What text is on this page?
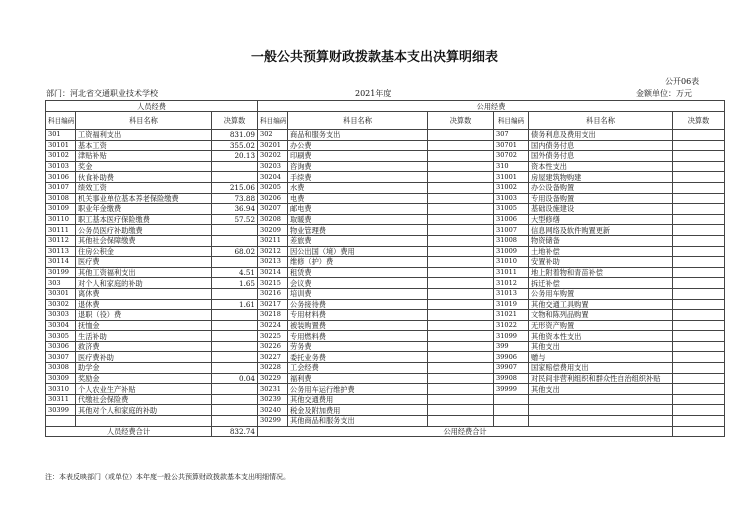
一般公共预算财政拨款基本支出决算明细表
公开06表
部门：河北省交通职业技术学校	2021年度	金额单位：万元
人员经费			公用经费					
科目编码	科目名称	决算数	科目编码	科目名称	决算数	科目编码	科目名称	决算数
301	工资福利支出	831.09	302	商品和服务支出		307	债务利息及费用支出	
30101	基本工资	355.02	30201	办公费		30701	国内债务付息	
30102	津贴补贴	20.13	30202	印刷费		30702	国外债务付息	
30103	奖金		30203	咨询费		310	资本性支出	
30106	伙食补助费		30204	手续费		31001	房屋建筑物购建	
30107	绩效工资	215.06	30205	水费		31002	办公设备购置	
30108	机关事业单位基本养老保险缴费	73.88	30206	电费		31003	专用设备购置	
30109	职业年金缴费	36.94	30207	邮电费		31005	基础设施建设	
30110	职工基本医疗保险缴费	57.52	30208	取暖费		31006	大型修缮	
30111	公务员医疗补助缴费		30209	物业管理费		31007	信息网络及软件购置更新	
30112	其他社会保障缴费		30211	差旅费		31008	物资储备	
30113	住房公积金	68.02	30212	因公出国（境）费用		31009	土地补偿	
30114	医疗费		30213	维修（护）费		31010	安置补助	
30199	其他工资福利支出	4.51	30214	租赁费		31011	地上附着物和青苗补偿	
303	对个人和家庭的补助	1.65	30215	会议费		31012	拆迁补偿	
30301	离休费		30216	培训费		31013	公务用车购置	
30302	退休费	1.61	30217	公务接待费		31019	其他交通工具购置	
30303	退职（役）费		30218	专用材料费		31021	文物和陈列品购置	
30304	抚恤金		30224	被装购置费		31022	无形资产购置	
30305	生活补助		30225	专用燃料费		31099	其他资本性支出	
30306	救济费		30226	劳务费		399	其他支出	
30307	医疗费补助		30227	委托业务费		39906	赠与	
30308	助学金		30228	工会经费		39907	国家赔偿费用支出	
30309	奖励金	0.04	30229	福利费		39908	对民间非营利组织和群众性自治组织补贴	
30310	个人农业生产补贴		30231	公务用车运行维护费		39999	其他支出	
30311	代缴社会保险费		30239	其他交通费用				
30399	其他对个人和家庭的补助		30240	税金及附加费用				
			30299	其他商品和服务支出				
人员经费合计		832.74	公用经费合计					
注：本表反映部门（或单位）本年度一般公共预算财政拨款基本支出明细情况。
